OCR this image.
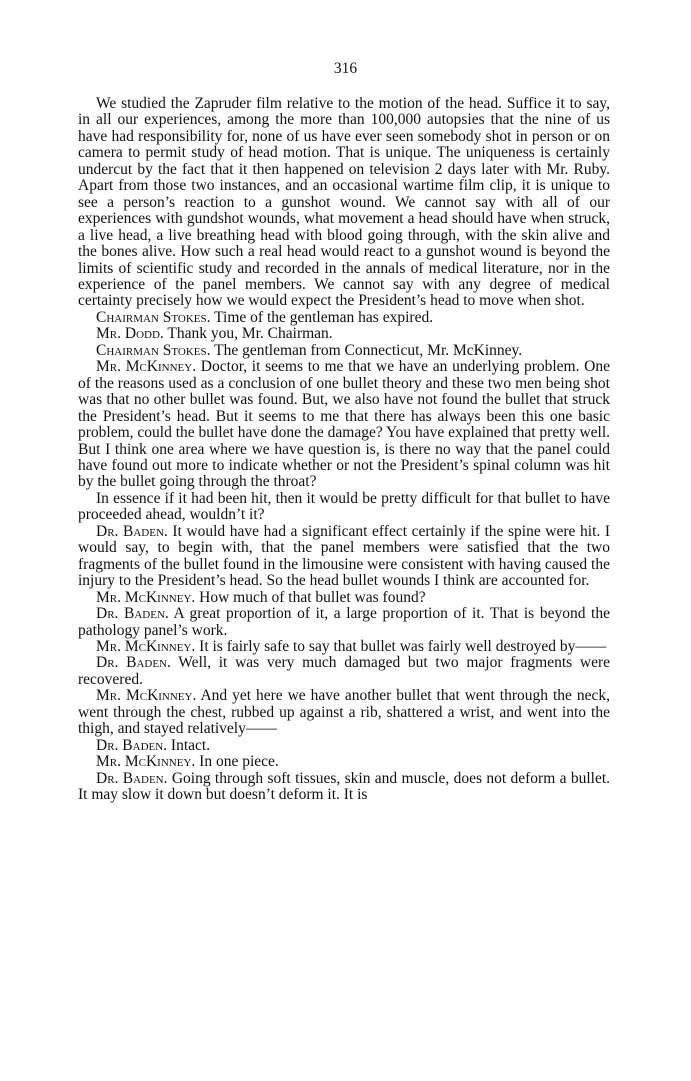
316

We studied the Zapruder film relative to the motion of the head. Suffice it to say, in all our experiences, among the more than 100,000 autopsies that the nine of us have had responsibility for, none of us have ever seen somebody shot in person or on camera to permit study of head motion. That is unique. The uniqueness is certainly undercut by the fact that it then happened on television 2 days later with Mr. Ruby. Apart from those two instances, and an occasional wartime film clip, it is unique to see a person’s reaction to a gunshot wound. We cannot say with all of our experiences with gundshot wounds, what movement a head should have when struck, a live head, a live breathing head with blood going through, with the skin alive and the bones alive. How such a real head would react to a gunshot wound is beyond the limits of scientific study and recorded in the annals of medical literature, nor in the experience of the panel members. We cannot say with any degree of medical certainty precisely how we would expect the President’s head to move when shot.

Chairman Stokes. Time of the gentleman has expired.

Mr. Dodd. Thank you, Mr. Chairman.

Chairman Stokes. The gentleman from Connecticut, Mr. McKinney.

Mr. McKinney. Doctor, it seems to me that we have an underlying problem. One of the reasons used as a conclusion of one bullet theory and these two men being shot was that no other bullet was found. But, we also have not found the bullet that struck the President’s head. But it seems to me that there has always been this one basic problem, could the bullet have done the damage? You have explained that pretty well. But I think one area where we have question is, is there no way that the panel could have found out more to indicate whether or not the President’s spinal column was hit by the bullet going through the throat?

In essence if it had been hit, then it would be pretty difficult for that bullet to have proceeded ahead, wouldn’t it?

Dr. Baden. It would have had a significant effect certainly if the spine were hit. I would say, to begin with, that the panel members were satisfied that the two fragments of the bullet found in the limousine were consistent with having caused the injury to the President’s head. So the head bullet wounds I think are accounted for.

Mr. McKinney. How much of that bullet was found?

Dr. Baden. A great proportion of it, a large proportion of it. That is beyond the pathology panel’s work.

Mr. McKinney. It is fairly safe to say that bullet was fairly well destroyed by——

Dr. Baden. Well, it was very much damaged but two major fragments were recovered.

Mr. McKinney. And yet here we have another bullet that went through the neck, went through the chest, rubbed up against a rib, shattered a wrist, and went into the thigh, and stayed relatively——

Dr. Baden. Intact.

Mr. McKinney. In one piece.

Dr. Baden. Going through soft tissues, skin and muscle, does not deform a bullet. It may slow it down but doesn’t deform it. It is
